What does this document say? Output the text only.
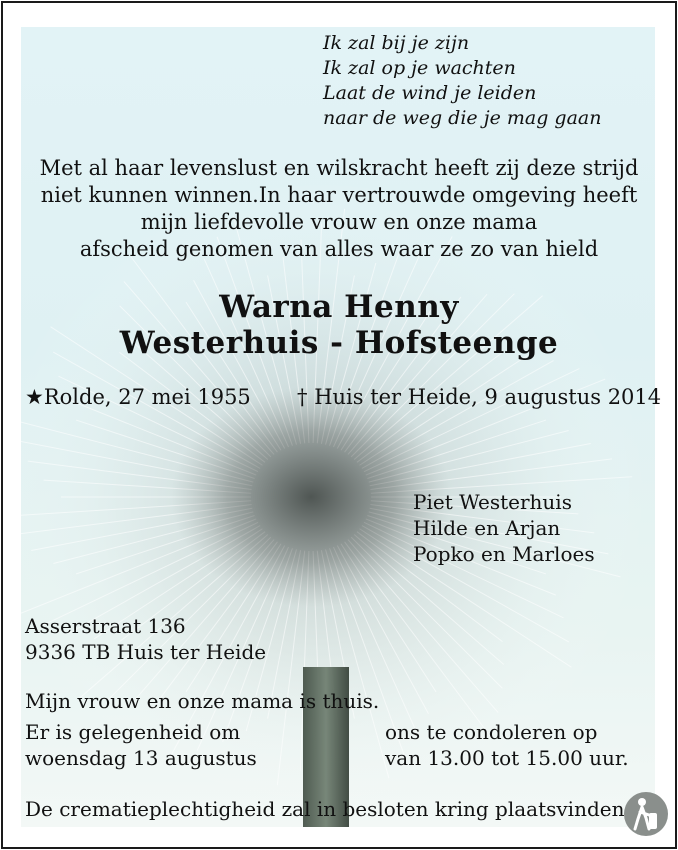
Ik zal bij je zijn
Ik zal op je wachten
Laat de wind je leiden
naar de weg die je mag gaan
Met al haar levenslust en wilskracht heeft zij deze strijd
niet kunnen winnen.In haar vertrouwde omgeving heeft
mijn liefdevolle vrouw en onze mama
afscheid genomen van alles waar ze zo van hield
Warna Henny
Westerhuis - Hofsteenge
★Rolde, 27 mei 1955 † Huis ter Heide, 9 augustus 2014
Piet Westerhuis
Hilde en Arjan
Popko en Marloes
Asserstraat 136
9336 TB Huis ter Heide
Mijn vrouw en onze mama is thuis.
Er is gelegenheid om
woensdag 13 augustus
ons te condoleren op
van 13.00 tot 15.00 uur.
De crematieplechtigheid zal in besloten kring plaatsvinden
